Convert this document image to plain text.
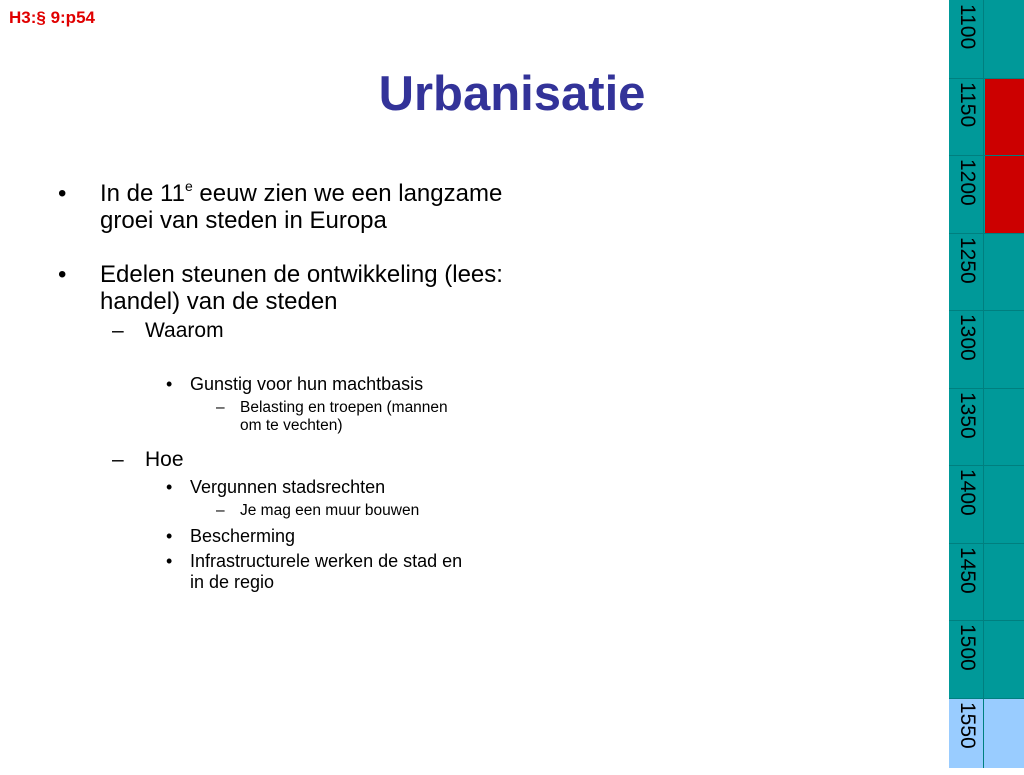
H3:§ 9:p54
Urbanisatie
•	In de 11e eeuw zien we een langzame groei van steden in Europa
•	Edelen steunen de ontwikkeling (lees: handel) van de steden
–	Waarom
• Gunstig voor hun machtbasis
– Belasting en troepen (mannen om te vechten)
–	Hoe
• Vergunnen stadsrechten
– Je mag een muur bouwen
• Bescherming
• Infrastructurele werken de stad en in de regio
1100
1150
1200
1250
1300
1350
1400
1450
1500
1550
